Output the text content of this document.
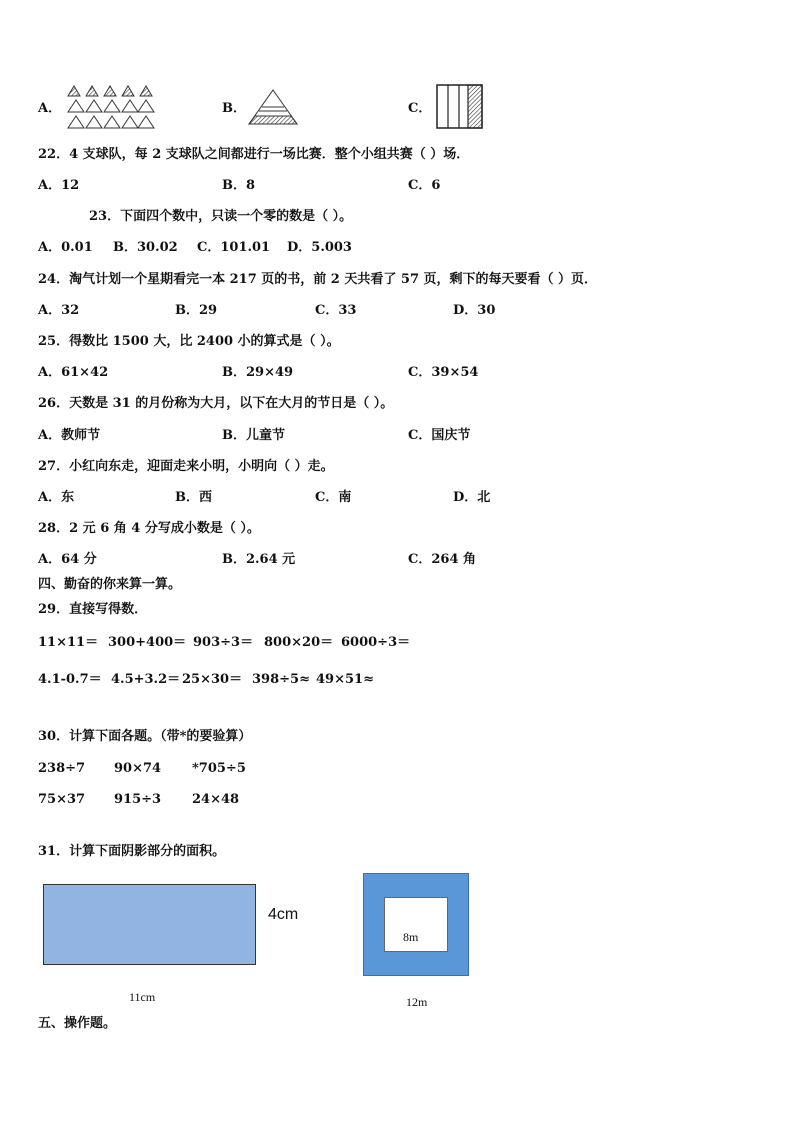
A．	B．	C．
22．4 支球队，每 2 支球队之间都进行一场比赛．整个小组共赛（ ）场．
A．12	B．8	C．6
23．下面四个数中，只读一个零的数是（ ）。
A．0.01 B．30.02 C．101.01 D．5.003
24．淘气计划一个星期看完一本 217 页的书，前 2 天共看了 57 页，剩下的每天要看（ ）页．
A．32	B．29	C．33	D．30
25．得数比 1500 大，比 2400 小的算式是（ ）。
A．61×42	B．29×49	C．39×54
26．天数是 31 的月份称为大月，以下在大月的节日是（ ）。
A．教师节	B．儿童节	C．国庆节
27．小红向东走，迎面走来小明，小明向（ ）走。
A．东	B．西	C．南	D．北
28．2 元 6 角 4 分写成小数是（ ）。
A．64 分	B．2.64 元	C．264 角
四、勤奋的你来算一算。
29．直接写得数．
11×11＝ 300+400＝ 903÷3＝ 800×20＝ 6000÷3＝
4.1-0.7＝ 4.5+3.2＝ 25×30＝ 398÷5≈ 49×51≈
30．计算下面各题。（带*的要验算）
238÷7 90×74 *705÷5
75×37 915÷3 24×48
31．计算下面阴影部分的面积。
4cm
11cm
8m
12m
五、操作题。
